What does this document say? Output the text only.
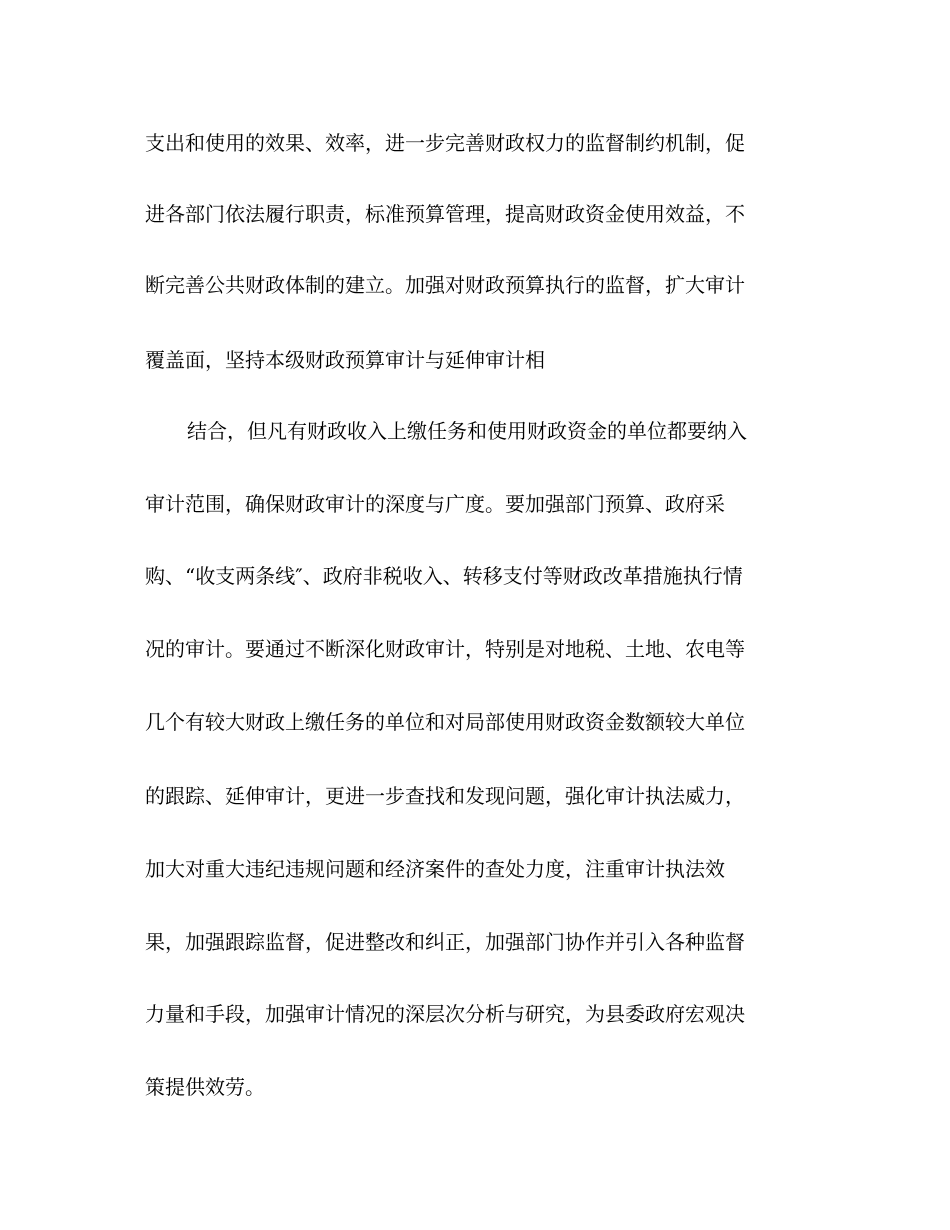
支出和使用的效果、效率，进一步完善财政权力的监督制约机制，促
进各部门依法履行职责，标准预算管理，提高财政资金使用效益，不
断完善公共财政体制的建立。加强对财政预算执行的监督，扩大审计
覆盖面，坚持本级财政预算审计与延伸审计相
结合，但凡有财政收入上缴任务和使用财政资金的单位都要纳入
审计范围，确保财政审计的深度与广度。要加强部门预算、政府采
购、“收支两条线″、政府非税收入、转移支付等财政改革措施执行情
况的审计。要通过不断深化财政审计，特别是对地税、土地、农电等
几个有较大财政上缴任务的单位和对局部使用财政资金数额较大单位
的跟踪、延伸审计，更进一步查找和发现问题，强化审计执法威力，
加大对重大违纪违规问题和经济案件的查处力度，注重审计执法效
果，加强跟踪监督，促进整改和纠正，加强部门协作并引入各种监督
力量和手段，加强审计情况的深层次分析与研究，为县委政府宏观决
策提供效劳。
